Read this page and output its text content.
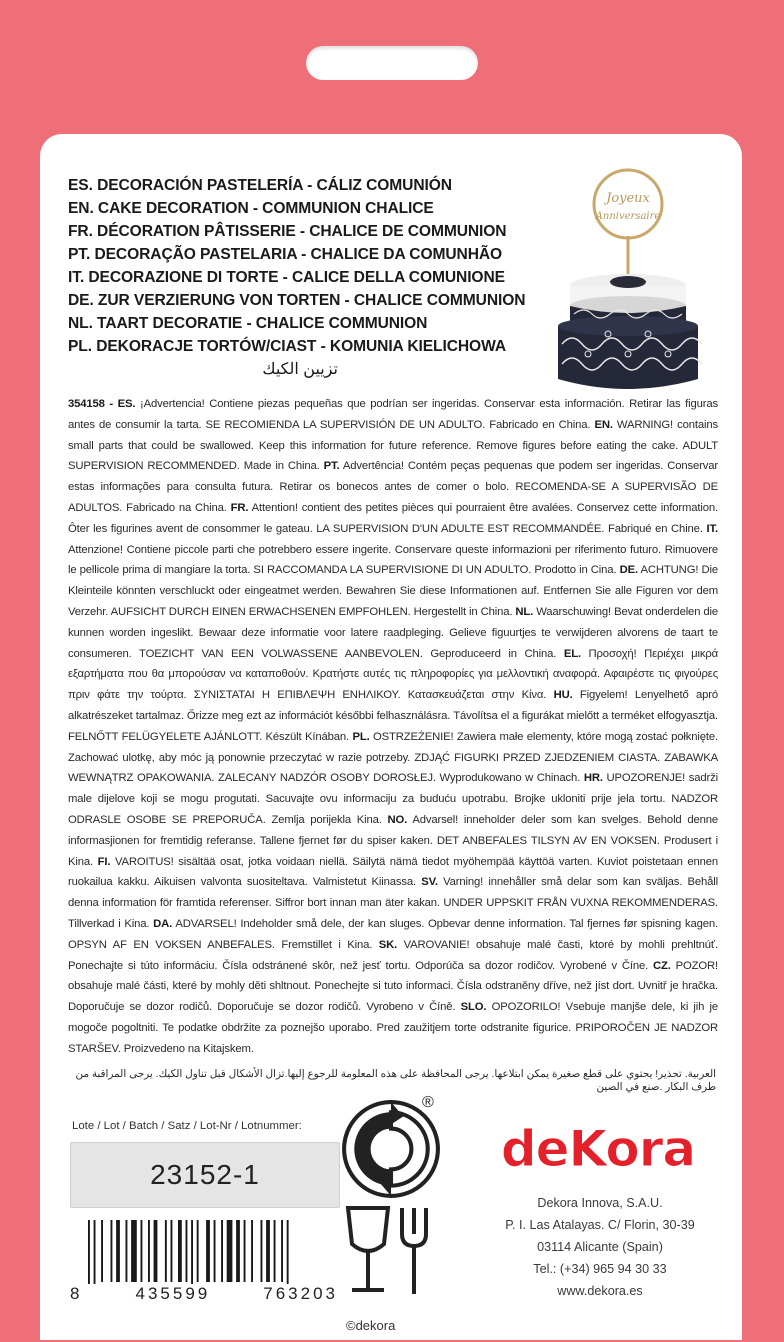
ES. DECORACIÓN PASTELERÍA - CÁLIZ COMUNIÓN
EN. CAKE DECORATION - COMMUNION CHALICE
FR. DÉCORATION PÂTISSERIE - CHALICE DE COMMUNION
PT. DECORAÇÃO PASTELARIA - CHALICE DA COMUNHÃO
IT. DECORAZIONE DI TORTE - CALICE DELLA COMUNIONE
DE. ZUR VERZIERUNG VON TORTEN - CHALICE COMMUNION
NL. TAART DECORATIE - CHALICE COMMUNION
PL. DEKORACJE TORTÓW/CIAST - KOMUNIA KIELICHOWA
تزيين الكيك
Joyeux
Anniversaire
354158 - ES. ¡Advertencia! Contiene piezas pequeñas que podrían ser ingeridas. Conservar esta información. Retirar las figuras antes de consumir la tarta. SE RECOMIENDA LA SUPERVISIÓN DE UN ADULTO. Fabricado en China. EN. WARNING! contains small parts that could be swallowed. Keep this information for future reference. Remove figures before eating the cake. ADULT SUPERVISION RECOMMENDED. Made in China. PT. Advertência! Contém peças pequenas que podem ser ingeridas. Conservar estas informações para consulta futura. Retirar os bonecos antes de comer o bolo. RECOMENDA-SE A SUPERVISÃO DE ADULTOS. Fabricado na China. FR. Attention! contient des petites pièces qui pourraient être avalées. Conservez cette information. Ôter les figurines avent de consommer le gateau. LA SUPERVISION D'UN ADULTE EST RECOMMANDÉE. Fabriqué en Chine. IT. Attenzione! Contiene piccole parti che potrebbero essere ingerite. Conservare queste informazioni per riferimento futuro. Rimuovere le pellicole prima di mangiare la torta. SI RACCOMANDA LA SUPERVISIONE DI UN ADULTO. Prodotto in Cina. DE. ACHTUNG! Die Kleinteile könnten verschluckt oder eingeatmet werden. Bewahren Sie diese Informationen auf. Entfernen Sie alle Figuren vor dem Verzehr. AUFSICHT DURCH EINEN ERWACHSENEN EMPFOHLEN. Hergestellt in China. NL. Waarschuwing! Bevat onderdelen die kunnen worden ingeslikt. Bewaar deze informatie voor latere raadpleging. Gelieve figuurtjes te verwijderen alvorens de taart te consumeren. TOEZICHT VAN EEN VOLWASSENE AANBEVOLEN. Geproduceerd in China. EL. Προσοχή! Περιέχει μικρά εξαρτήματα που θα μπορούσαν να καταποθούν. Κρατήστε αυτές τις πληροφορίες για μελλοντική αναφορά. Αφαιρέστε τις φιγούρες πριν φάτε την τούρτα. ΣΥΝΙΣΤΑΤΑΙ Η ΕΠΙΒΛΕΨΗ ΕΝΗΛΙΚΟΥ. Κατασκευάζεται στην Κίνα. HU. Figyelem! Lenyelhető apró alkatrészeket tartalmaz. Őrizze meg ezt az információt későbbi felhasználásra. Távolítsa el a figurákat mielőtt a terméket elfogyasztja. FELNŐTT FELÜGYELETE AJÁNLOTT. Készült Kínában. PL. OSTRZEŻENIE! Zawiera małe elementy, które mogą zostać połknięte. Zachować ulotkę, aby móc ją ponownie przeczytać w razie potrzeby. ZDJĄĆ FIGURKI PRZED ZJEDZENIEM CIASTA. ZABAWKA WEWNĄTRZ OPAKOWANIA. ZALECANY NADZÓR OSOBY DOROSŁEJ. Wyprodukowano w Chinach. HR. UPOZORENJE! sadrži male dijelove koji se mogu progutati. Sacuvajte ovu informaciju za buduću upotrabu. Brojke ukloniti prije jela tortu. NADZOR ODRASLE OSOBE SE PREPORUČA. Zemlja porijekla Kina. NO. Advarsel! inneholder deler som kan svelges. Behold denne informasjionen for fremtidig referanse. Tallene fjernet før du spiser kaken. DET ANBEFALES TILSYN AV EN VOKSEN. Produsert i Kina. FI. VAROITUS! sisältää osat, jotka voidaan niellä. Säilytä nämä tiedot myöhempää käyttöä varten. Kuviot poistetaan ennen ruokailua kakku. Aikuisen valvonta suositeltava. Valmistetut Kiinassa. SV. Varning! innehåller små delar som kan sväljas. Behåll denna information för framtida referenser. Siffror bort innan man äter kakan. UNDER UPPSKIT FRÅN VUXNA REKOMMENDERAS. Tillverkad i Kina. DA. ADVARSEL! Indeholder små dele, der kan sluges. Opbevar denne information. Tal fjernes før spisning kagen. OPSYN AF EN VOKSEN ANBEFALES. Fremstillet i Kina. SK. VAROVANIE! obsahuje malé časti, ktoré by mohli prehltnúť. Ponechajte si túto informáciu. Čísla odstránené skôr, než jesť tortu. Odporúča sa dozor rodičov. Vyrobené v Číne. CZ. POZOR! obsahuje malé části, které by mohly děti shltnout. Ponechejte si tuto informaci. Čísla odstraněny dříve, než jíst dort. Uvnitř je hračka. Doporučuje se dozor rodičů. Doporučuje se dozor rodičů. Vyrobeno v Číně. SLO. OPOZORILO! Vsebuje manjše dele, ki jih je mogoče pogoltniti. Te podatke obdržite za poznejšo uporabo. Pred zaužitjem torte odstranite figurice. PRIPOROČEN JE NADZOR STARŠEV. Proizvedeno na Kitajskem.
العربية. تحذير! يحتوي على قطع صغيرة يمكن ابتلاعها. يرجى المحافظة على هذه المعلومة للرجوع إليها.تزال الأشكال قبل تناول الكيك. يرجى المراقبة من طرف البكار .صنع في الصين
Lote / Lot / Batch / Satz / Lot-Nr / Lotnummer:
23152-1
8	435599	763203
®
©dekora
deKora
Dekora Innova, S.A.U.
P. I. Las Atalayas. C/ Florin, 30-39
03114 Alicante (Spain)
Tel.: (+34) 965 94 30 33
www.dekora.es
